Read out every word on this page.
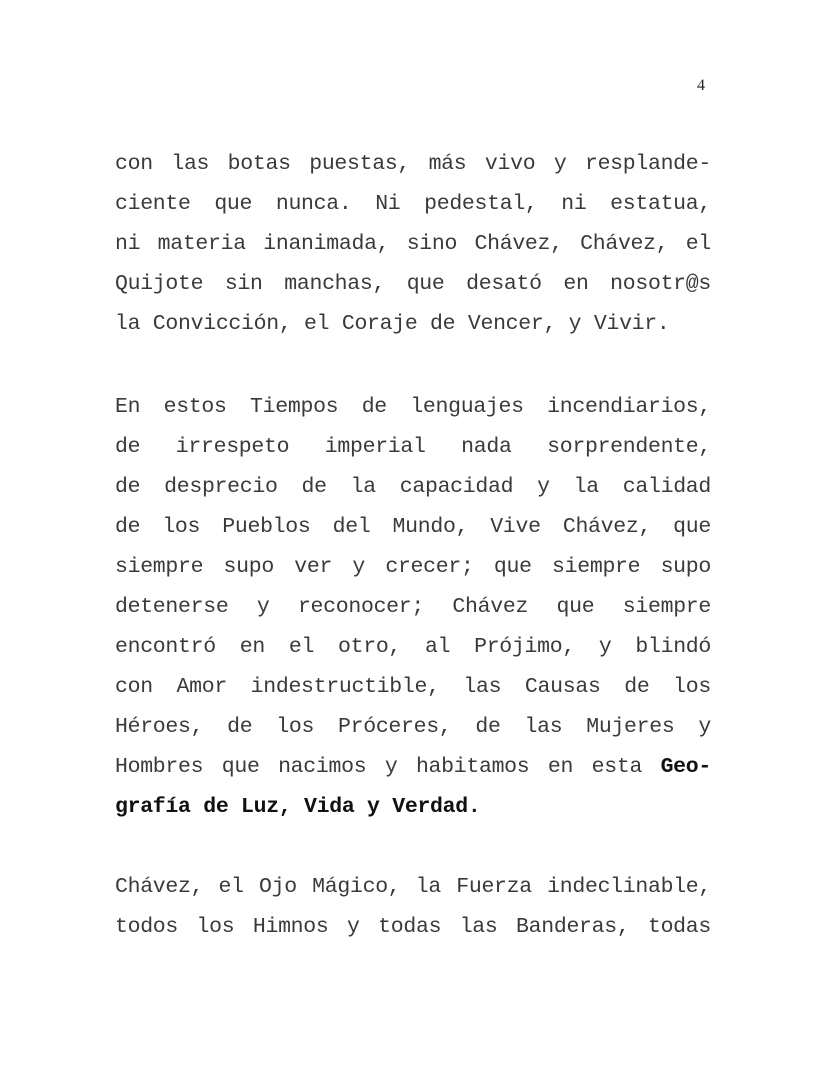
4
con las botas puestas, más vivo y resplande-
ciente que nunca. Ni pedestal, ni estatua,
ni materia inanimada, sino Chávez, Chávez, el
Quijote sin manchas, que desató en nosotr@s
la Convicción, el Coraje de Vencer, y Vivir.
En estos Tiempos de lenguajes incendiarios,
de irrespeto imperial nada sorprendente,
de desprecio de la capacidad y la calidad
de los Pueblos del Mundo, Vive Chávez, que
siempre supo ver y crecer; que siempre supo
detenerse y reconocer; Chávez que siempre
encontró en el otro, al Prójimo, y blindó
con Amor indestructible, las Causas de los
Héroes, de los Próceres, de las Mujeres y
Hombres que nacimos y habitamos en esta Geo-
grafía de Luz, Vida y Verdad.
Chávez, el Ojo Mágico, la Fuerza indeclinable,
todos los Himnos y todas las Banderas, todas
